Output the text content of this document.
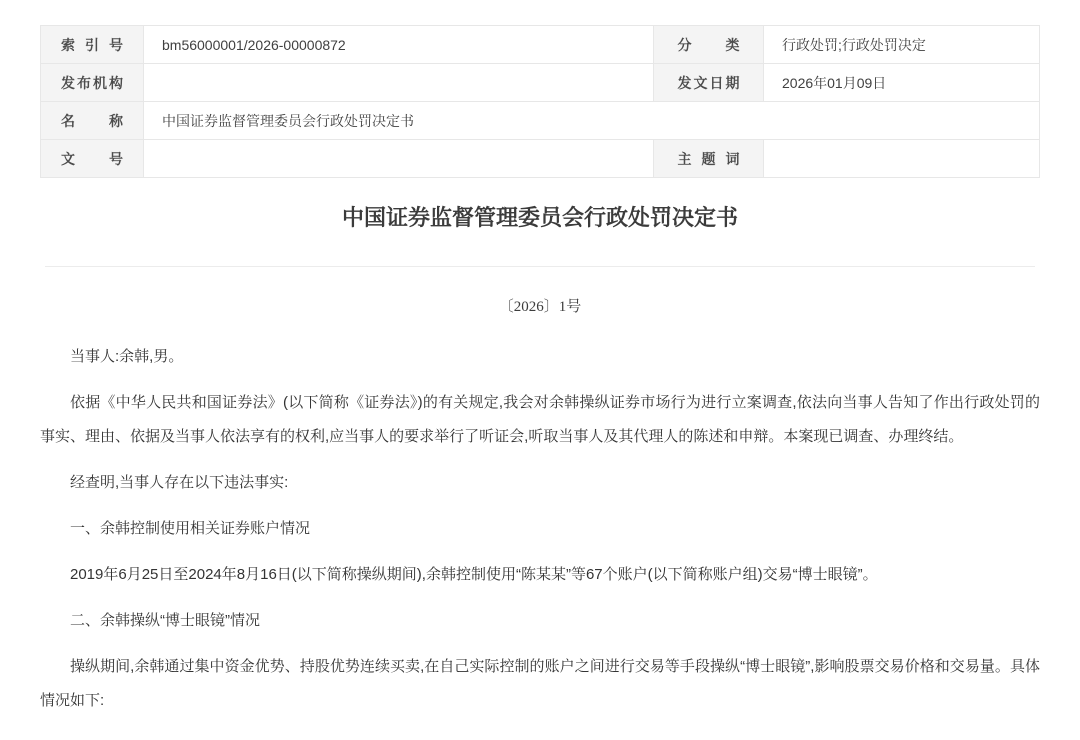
索引号	bm56000001/2026-00000872	分类	行政处罚;行政处罚决定
发布机构		发文日期	2026年01月09日
名称	中国证券监督管理委员会行政处罚决定书		
文号		主题词	
中国证券监督管理委员会行政处罚决定书
〔2026〕1号

当事人:余韩,男。

依据《中华人民共和国证券法》(以下简称《证券法》)的有关规定,我会对余韩操纵证券市场行为进行立案调查,依法向当事人告知了作出行政处罚的事实、理由、依据及当事人依法享有的权利,应当事人的要求举行了听证会,听取当事人及其代理人的陈述和申辩。本案现已调查、办理终结。

经查明,当事人存在以下违法事实:

一、余韩控制使用相关证券账户情况

2019年6月25日至2024年8月16日(以下简称操纵期间),余韩控制使用“陈某某”等67个账户(以下简称账户组)交易“博士眼镜”。

二、余韩操纵“博士眼镜”情况

操纵期间,余韩通过集中资金优势、持股优势连续买卖,在自己实际控制的账户之间进行交易等手段操纵“博士眼镜”,影响股票交易价格和交易量。具体情况如下:
